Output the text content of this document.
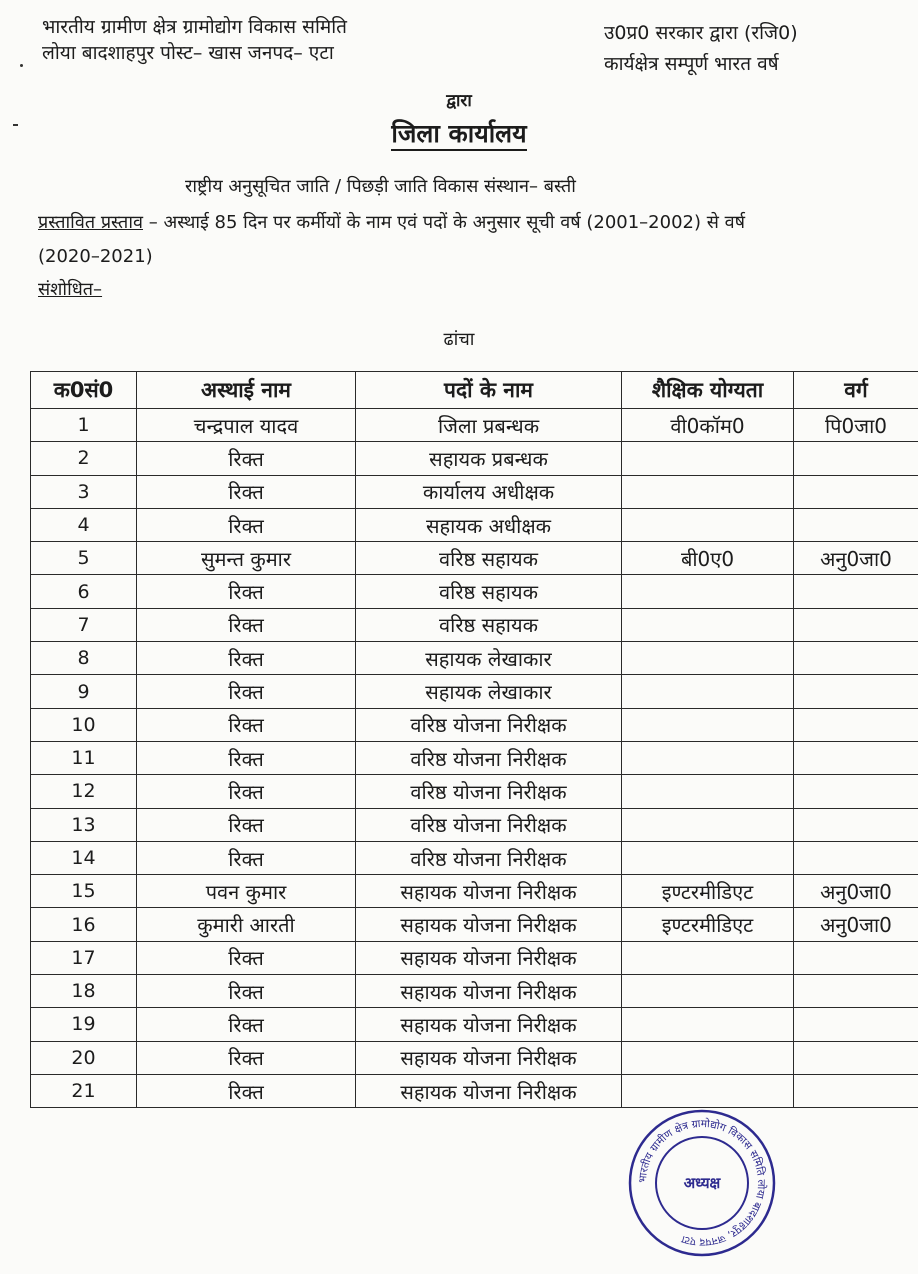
भारतीय ग्रामीण क्षेत्र ग्रामोद्योग विकास समिति
लोया बादशाहपुर पोस्ट– खास जनपद– एटा
उ0प्र0 सरकार द्वारा (रजि0)
कार्यक्षेत्र सम्पूर्ण भारत वर्ष
द्वारा
जिला कार्यालय
राष्ट्रीय अनुसूचित जाति / पिछड़ी जाति विकास संस्थान– बस्ती
प्रस्तावित प्रस्ताव – अस्थाई 85 दिन पर कर्मीयों के नाम एवं पदों के अनुसार सूची वर्ष (2001–2002) से वर्ष (2020–2021)
संशोधित–
ढांचा
क0सं0	अस्थाई नाम	पदों के नाम	शैक्षिक योग्यता	वर्ग
1	चन्द्रपाल यादव	जिला प्रबन्धक	वी0कॉम0	पि0जा0
2	रिक्त	सहायक प्रबन्धक		
3	रिक्त	कार्यालय अधीक्षक		
4	रिक्त	सहायक अधीक्षक		
5	सुमन्त कुमार	वरिष्ठ सहायक	बी0ए0	अनु0जा0
6	रिक्त	वरिष्ठ सहायक		
7	रिक्त	वरिष्ठ सहायक		
8	रिक्त	सहायक लेखाकार		
9	रिक्त	सहायक लेखाकार		
10	रिक्त	वरिष्ठ योजना निरीक्षक		
11	रिक्त	वरिष्ठ योजना निरीक्षक		
12	रिक्त	वरिष्ठ योजना निरीक्षक		
13	रिक्त	वरिष्ठ योजना निरीक्षक		
14	रिक्त	वरिष्ठ योजना निरीक्षक		
15	पवन कुमार	सहायक योजना निरीक्षक	इण्टरमीडिएट	अनु0जा0
16	कुमारी आरती	सहायक योजना निरीक्षक	इण्टरमीडिएट	अनु0जा0
17	रिक्त	सहायक योजना निरीक्षक		
18	रिक्त	सहायक योजना निरीक्षक		
19	रिक्त	सहायक योजना निरीक्षक		
20	रिक्त	सहायक योजना निरीक्षक		
21	रिक्त	सहायक योजना निरीक्षक		
भारतीय ग्रामीण क्षेत्र ग्रामोद्योग विकास समिति लोया बादशाहपुर, जनपद एटा
अध्यक्ष
